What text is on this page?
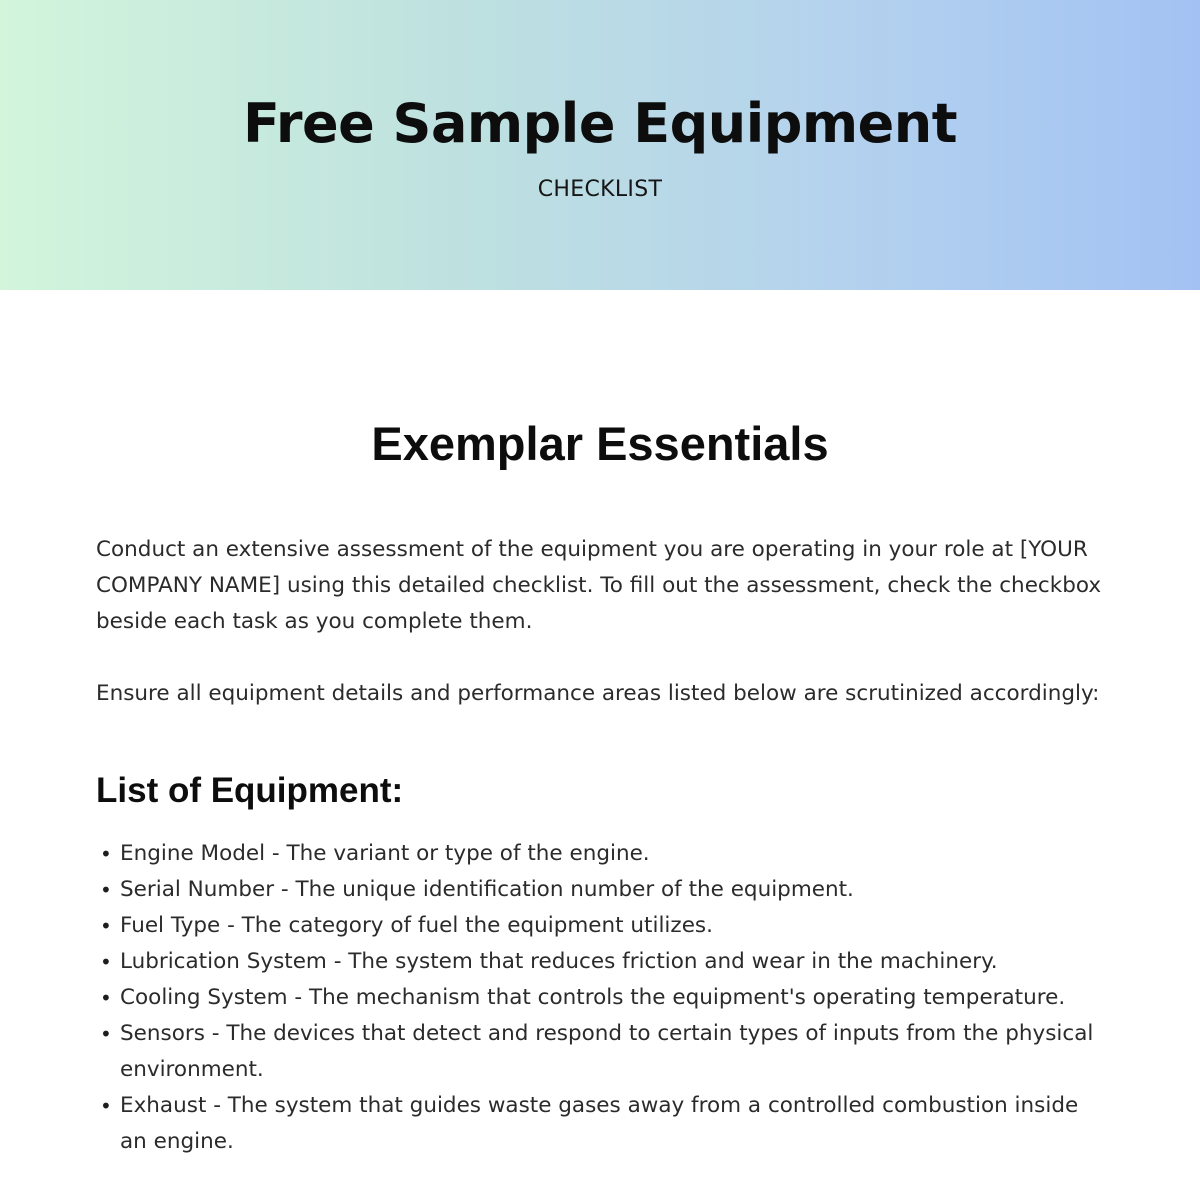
Free Sample Equipment
CHECKLIST
Exemplar Essentials

Conduct an extensive assessment of the equipment you are operating in your role at [YOUR COMPANY NAME] using this detailed checklist. To fill out the assessment, check the checkbox beside each task as you complete them.

Ensure all equipment details and performance areas listed below are scrutinized accordingly:

List of Equipment:
• Engine Model - The variant or type of the engine.
• Serial Number - The unique identification number of the equipment.
• Fuel Type - The category of fuel the equipment utilizes.
• Lubrication System - The system that reduces friction and wear in the machinery.
• Cooling System - The mechanism that controls the equipment's operating temperature.
• Sensors - The devices that detect and respond to certain types of inputs from the physical environment.
• Exhaust - The system that guides waste gases away from a controlled combustion inside an engine.
